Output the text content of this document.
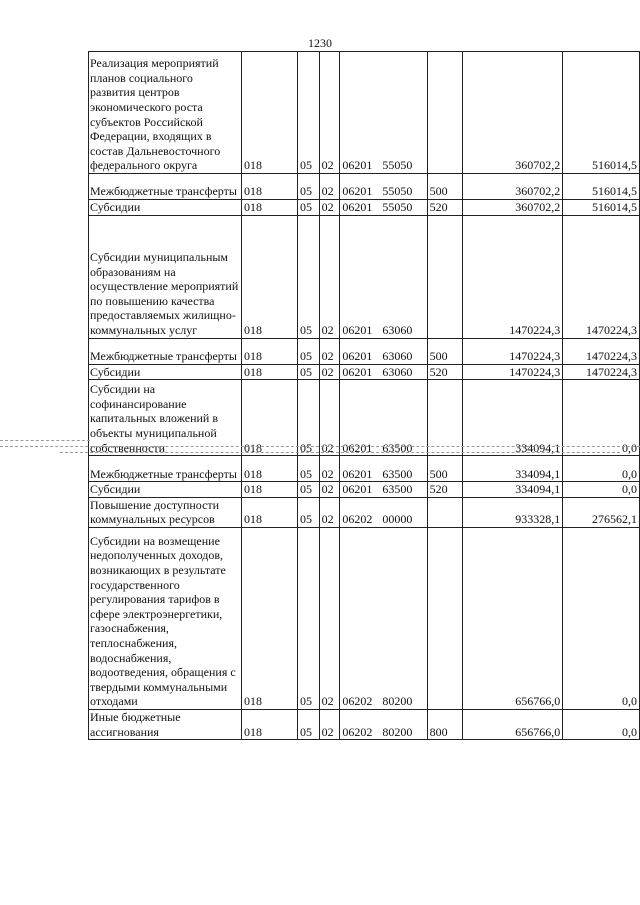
1230
Реализация мероприятий планов социального развития центров экономического роста субъектов Российской Федерации, входящих в состав Дальневосточного федерального округа	018	05	02	06201 55050		360702,2	516014,5
Межбюджетные трансферты	018	05	02	06201 55050	500	360702,2	516014,5
Субсидии	018	05	02	06201 55050	520	360702,2	516014,5
Субсидии муниципальным образованиям на осуществление мероприятий по повышению качества предоставляемых жилищно-коммунальных услуг	018	05	02	06201 63060		1470224,3	1470224,3
Межбюджетные трансферты	018	05	02	06201 63060	500	1470224,3	1470224,3
Субсидии	018	05	02	06201 63060	520	1470224,3	1470224,3
Субсидии на софинансирование капитальных вложений в объекты муниципальной собственности	018	05	02	06201 63500		334094,1	0,0
Межбюджетные трансферты	018	05	02	06201 63500	500	334094,1	0,0
Субсидии	018	05	02	06201 63500	520	334094,1	0,0
Повышение доступности коммунальных ресурсов	018	05	02	06202 00000		933328,1	276562,1
Субсидии на возмещение недополученных доходов, возникающих в результате государственного регулирования тарифов в сфере электроэнергетики, газоснабжения, теплоснабжения, водоснабжения, водоотведения, обращения с твердыми коммунальными отходами	018	05	02	06202 80200		656766,0	0,0
Иные бюджетные ассигнования	018	05	02	06202 80200	800	656766,0	0,0
